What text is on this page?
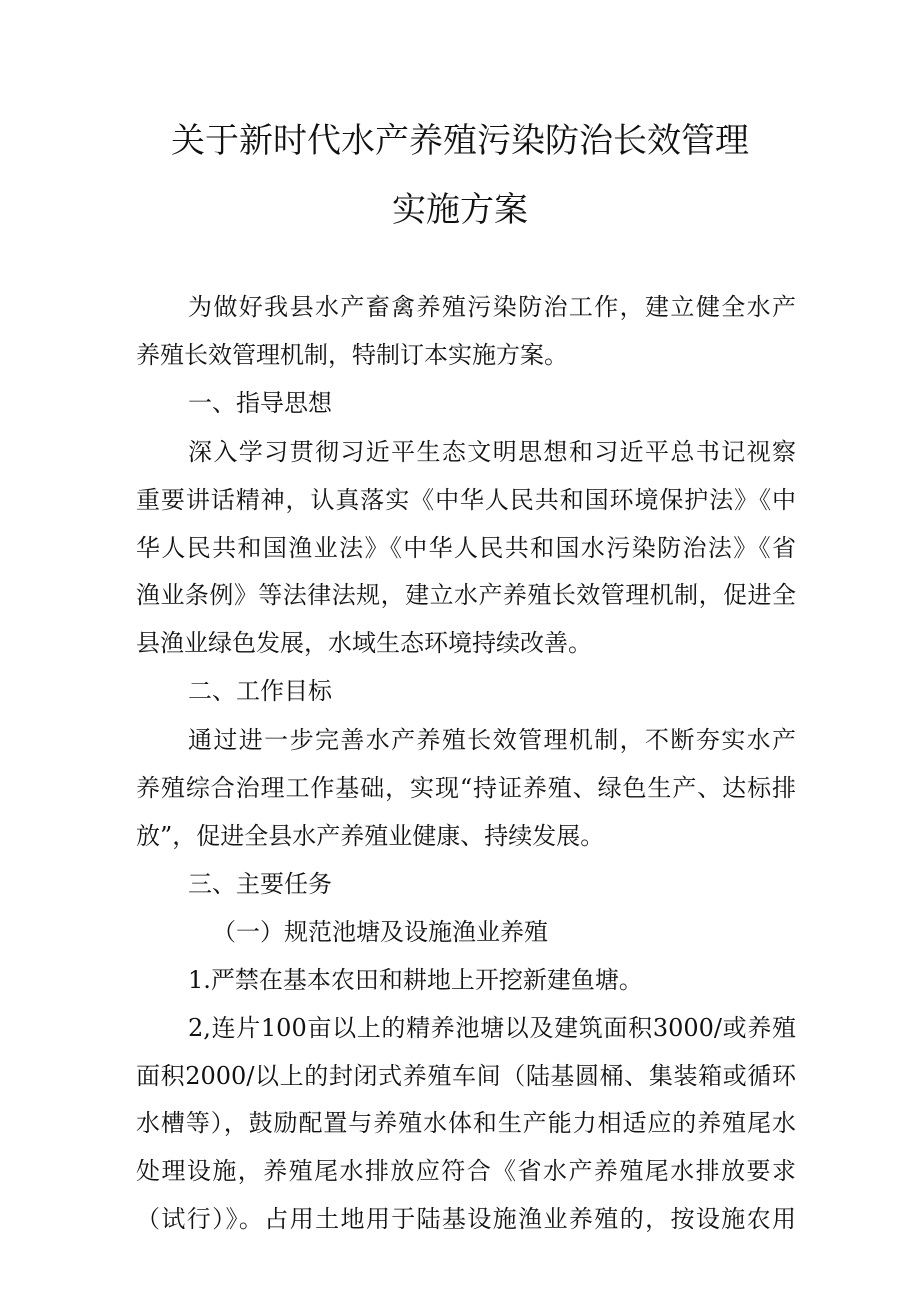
关于新时代水产养殖污染防治长效管理
实施方案
为做好我县水产畜禽养殖污染防治工作，建立健全水产
养殖长效管理机制，特制订本实施方案。
一、指导思想
深入学习贯彻习近平生态文明思想和习近平总书记视察
重要讲话精神，认真落实《中华人民共和国环境保护法》《中
华人民共和国渔业法》《中华人民共和国水污染防治法》《省
渔业条例》等法律法规，建立水产养殖长效管理机制，促进全
县渔业绿色发展，水域生态环境持续改善。
二、工作目标
通过进一步完善水产养殖长效管理机制，不断夯实水产
养殖综合治理工作基础，实现“持证养殖、绿色生产、达标排
放”，促进全县水产养殖业健康、持续发展。
三、主要任务
（一）规范池塘及设施渔业养殖
1.严禁在基本农田和耕地上开挖新建鱼塘。
2,连片100亩以上的精养池塘以及建筑面积3000/或养殖
面积2000/以上的封闭式养殖车间（陆基圆桶、集装箱或循环
水槽等），鼓励配置与养殖水体和生产能力相适应的养殖尾水
处理设施，养殖尾水排放应符合《省水产养殖尾水排放要求
（试行）》。占用土地用于陆基设施渔业养殖的，按设施农用
